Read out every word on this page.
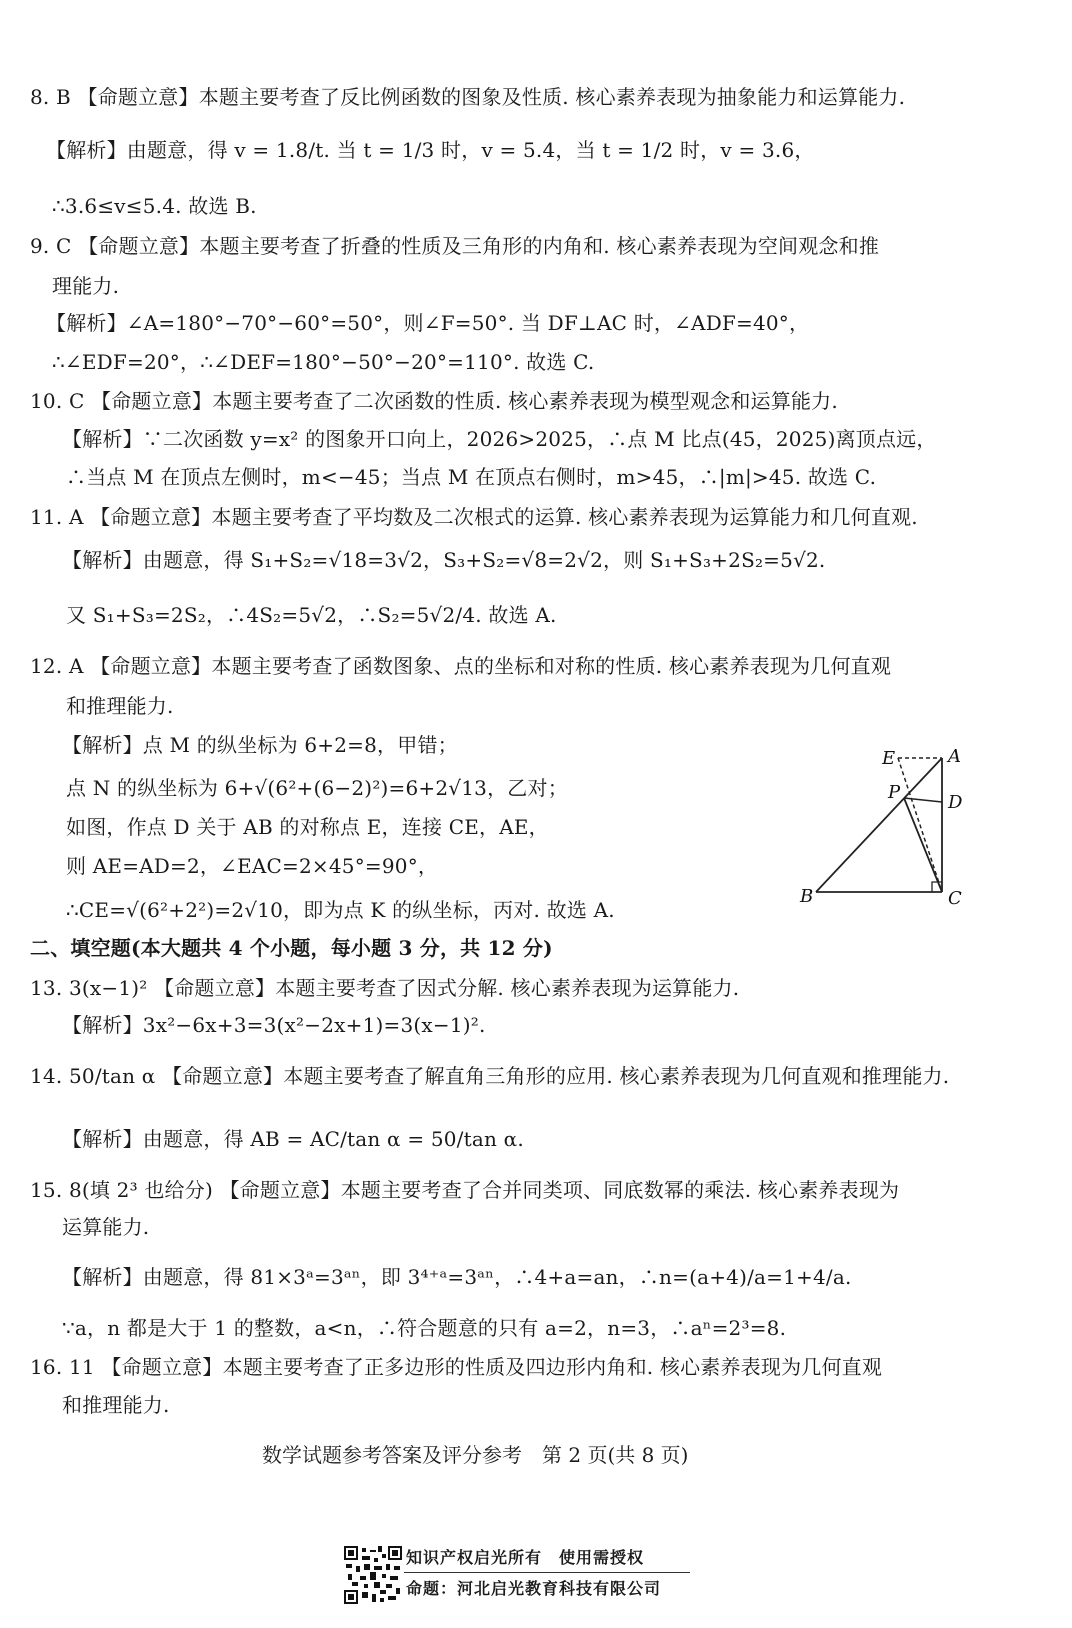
8. B 【命题立意】本题主要考查了反比例函数的图象及性质. 核心素养表现为抽象能力和运算能力.
【解析】由题意，得 v = 1.8/t. 当 t = 1/3 时，v = 5.4，当 t = 1/2 时，v = 3.6，
∴3.6≤v≤5.4. 故选 B.
9. C 【命题立意】本题主要考查了折叠的性质及三角形的内角和. 核心素养表现为空间观念和推
理能力.
【解析】∠A=180°−70°−60°=50°，则∠F=50°. 当 DF⊥AC 时，∠ADF=40°，
∴∠EDF=20°，∴∠DEF=180°−50°−20°=110°. 故选 C.
10. C 【命题立意】本题主要考查了二次函数的性质. 核心素养表现为模型观念和运算能力.
【解析】∵二次函数 y=x² 的图象开口向上，2026>2025，∴点 M 比点(45，2025)离顶点远，
∴当点 M 在顶点左侧时，m<−45；当点 M 在顶点右侧时，m>45，∴|m|>45. 故选 C.
11. A 【命题立意】本题主要考查了平均数及二次根式的运算. 核心素养表现为运算能力和几何直观.
【解析】由题意，得 S₁+S₂=√18=3√2，S₃+S₂=√8=2√2，则 S₁+S₃+2S₂=5√2.
又 S₁+S₃=2S₂，∴4S₂=5√2，∴S₂=5√2/4. 故选 A.
12. A 【命题立意】本题主要考查了函数图象、点的坐标和对称的性质. 核心素养表现为几何直观
和推理能力.
【解析】点 M 的纵坐标为 6+2=8，甲错；
点 N 的纵坐标为 6+√(6²+(6−2)²)=6+2√13，乙对；
如图，作点 D 关于 AB 的对称点 E，连接 CE，AE，
则 AE=AD=2，∠EAC=2×45°=90°，
∴CE=√(6²+2²)=2√10，即为点 K 的纵坐标，丙对. 故选 A.
E	A
P	D
B	C
二、填空题(本大题共 4 个小题，每小题 3 分，共 12 分)
13. 3(x−1)² 【命题立意】本题主要考查了因式分解. 核心素养表现为运算能力.
【解析】3x²−6x+3=3(x²−2x+1)=3(x−1)².
14. 50/tan α 【命题立意】本题主要考查了解直角三角形的应用. 核心素养表现为几何直观和推理能力.
【解析】由题意，得 AB = AC/tan α = 50/tan α.
15. 8(填 2³ 也给分) 【命题立意】本题主要考查了合并同类项、同底数幂的乘法. 核心素养表现为
运算能力.
【解析】由题意，得 81×3ᵃ=3ᵃⁿ，即 3⁴⁺ᵃ=3ᵃⁿ，∴4+a=an，∴n=(a+4)/a=1+4/a.
∵a，n 都是大于 1 的整数，a<n，∴符合题意的只有 a=2，n=3，∴aⁿ=2³=8.
16. 11 【命题立意】本题主要考查了正多边形的性质及四边形内角和. 核心素养表现为几何直观
和推理能力.
数学试题参考答案及评分参考　第 2 页(共 8 页)
知识产权启光所有　使用需授权
命题：河北启光教育科技有限公司
